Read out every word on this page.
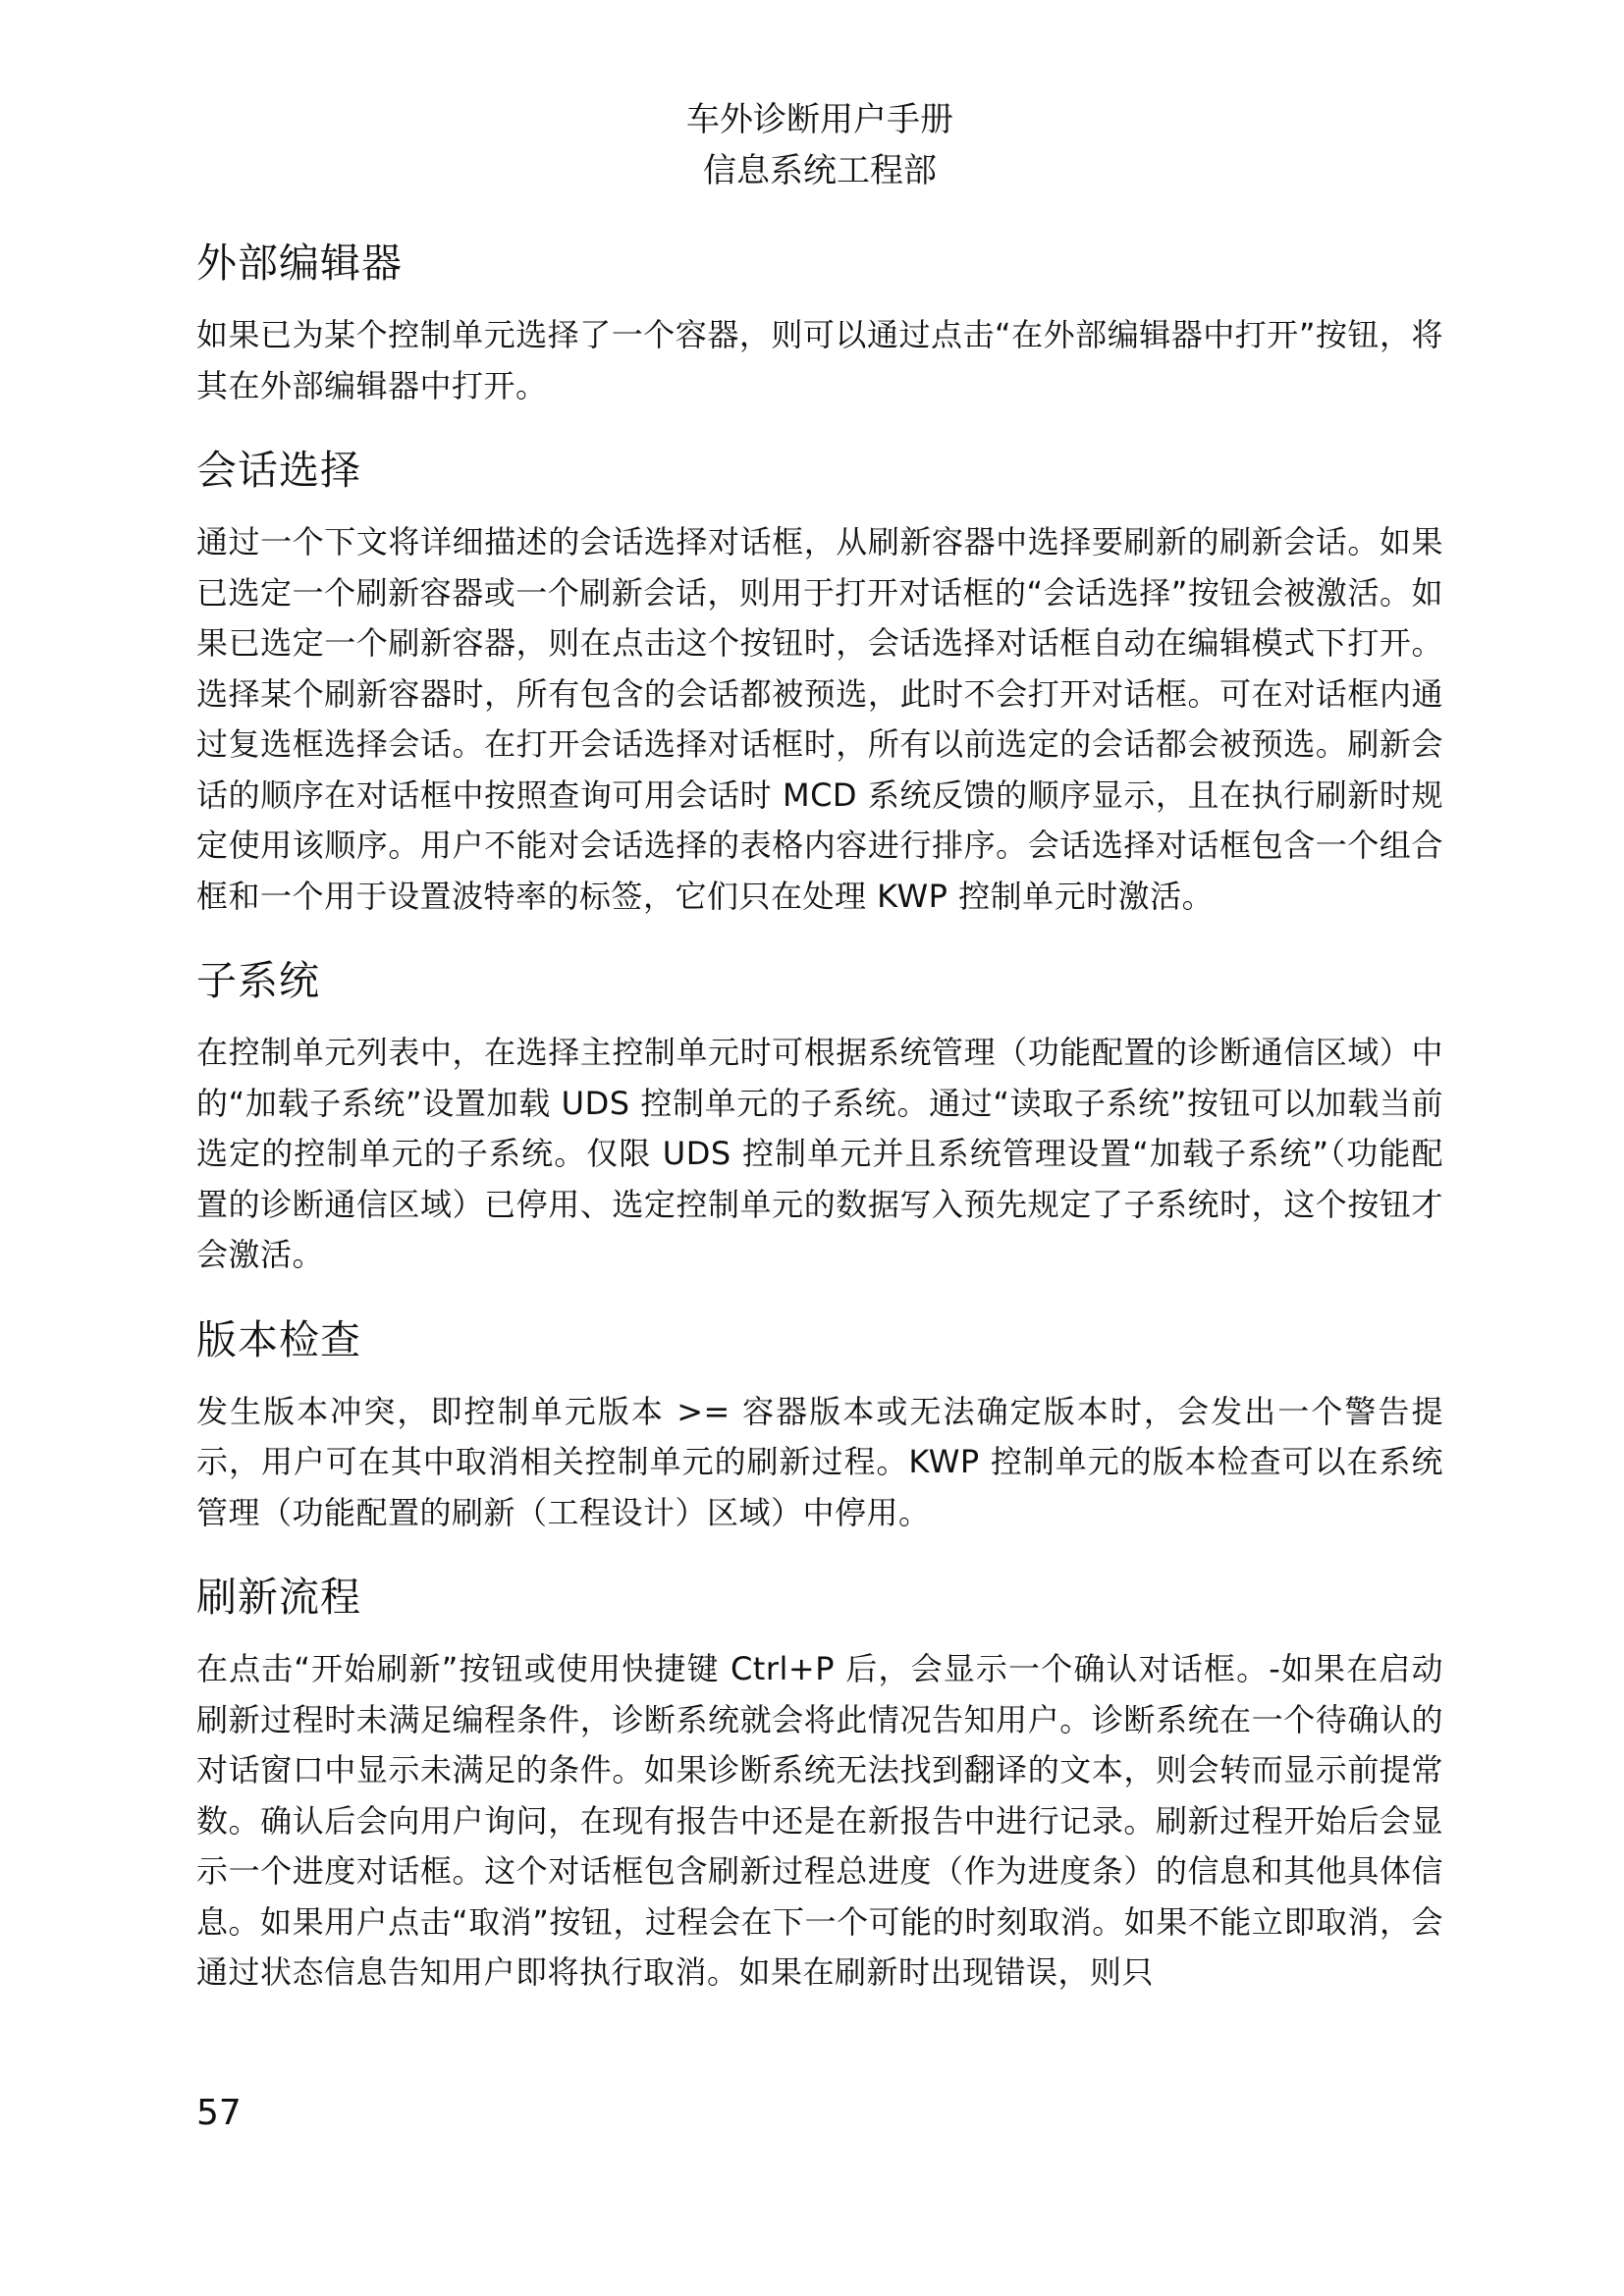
车外诊断用户手册
信息系统工程部
外部编辑器

如果已为某个控制单元选择了一个容器，则可以通过点击“在外部编辑器中打开”按钮，将其在外部编辑器中打开。

会话选择

通过一个下文将详细描述的会话选择对话框，从刷新容器中选择要刷新的刷新会话。如果已选定一个刷新容器或一个刷新会话，则用于打开对话框的“会话选择”按钮会被激活。如果已选定一个刷新容器，则在点击这个按钮时，会话选择对话框自动在编辑模式下打开。选择某个刷新容器时，所有包含的会话都被预选，此时不会打开对话框。可在对话框内通过复选框选择会话。在打开会话选择对话框时，所有以前选定的会话都会被预选。刷新会话的顺序在对话框中按照查询可用会话时 MCD 系统反馈的顺序显示，且在执行刷新时规定使用该顺序。用户不能对会话选择的表格内容进行排序。会话选择对话框包含一个组合框和一个用于设置波特率的标签，它们只在处理 KWP 控制单元时激活。

子系统

在控制单元列表中，在选择主控制单元时可根据系统管理（功能配置的诊断通信区域）中的“加载子系统”设置加载 UDS 控制单元的子系统。通过“读取子系统”按钮可以加载当前选定的控制单元的子系统。仅限 UDS 控制单元并且系统管理设置“加载子系统”（功能配置的诊断通信区域）已停用、选定控制单元的数据写入预先规定了子系统时，这个按钮才会激活。

版本检查

发生版本冲突，即控制单元版本 >= 容器版本或无法确定版本时，会发出一个警告提示，用户可在其中取消相关控制单元的刷新过程。KWP 控制单元的版本检查可以在系统管理（功能配置的刷新（工程设计）区域）中停用。

刷新流程

在点击“开始刷新”按钮或使用快捷键 Ctrl+P 后，会显示一个确认对话框。-如果在启动刷新过程时未满足编程条件，诊断系统就会将此情况告知用户。诊断系统在一个待确认的对话窗口中显示未满足的条件。如果诊断系统无法找到翻译的文本，则会转而显示前提常数。确认后会向用户询问，在现有报告中还是在新报告中进行记录。刷新过程开始后会显示一个进度对话框。这个对话框包含刷新过程总进度（作为进度条）的信息和其他具体信息。如果用户点击“取消”按钮，过程会在下一个可能的时刻取消。如果不能立即取消，会通过状态信息告知用户即将执行取消。如果在刷新时出现错误，则只

57
